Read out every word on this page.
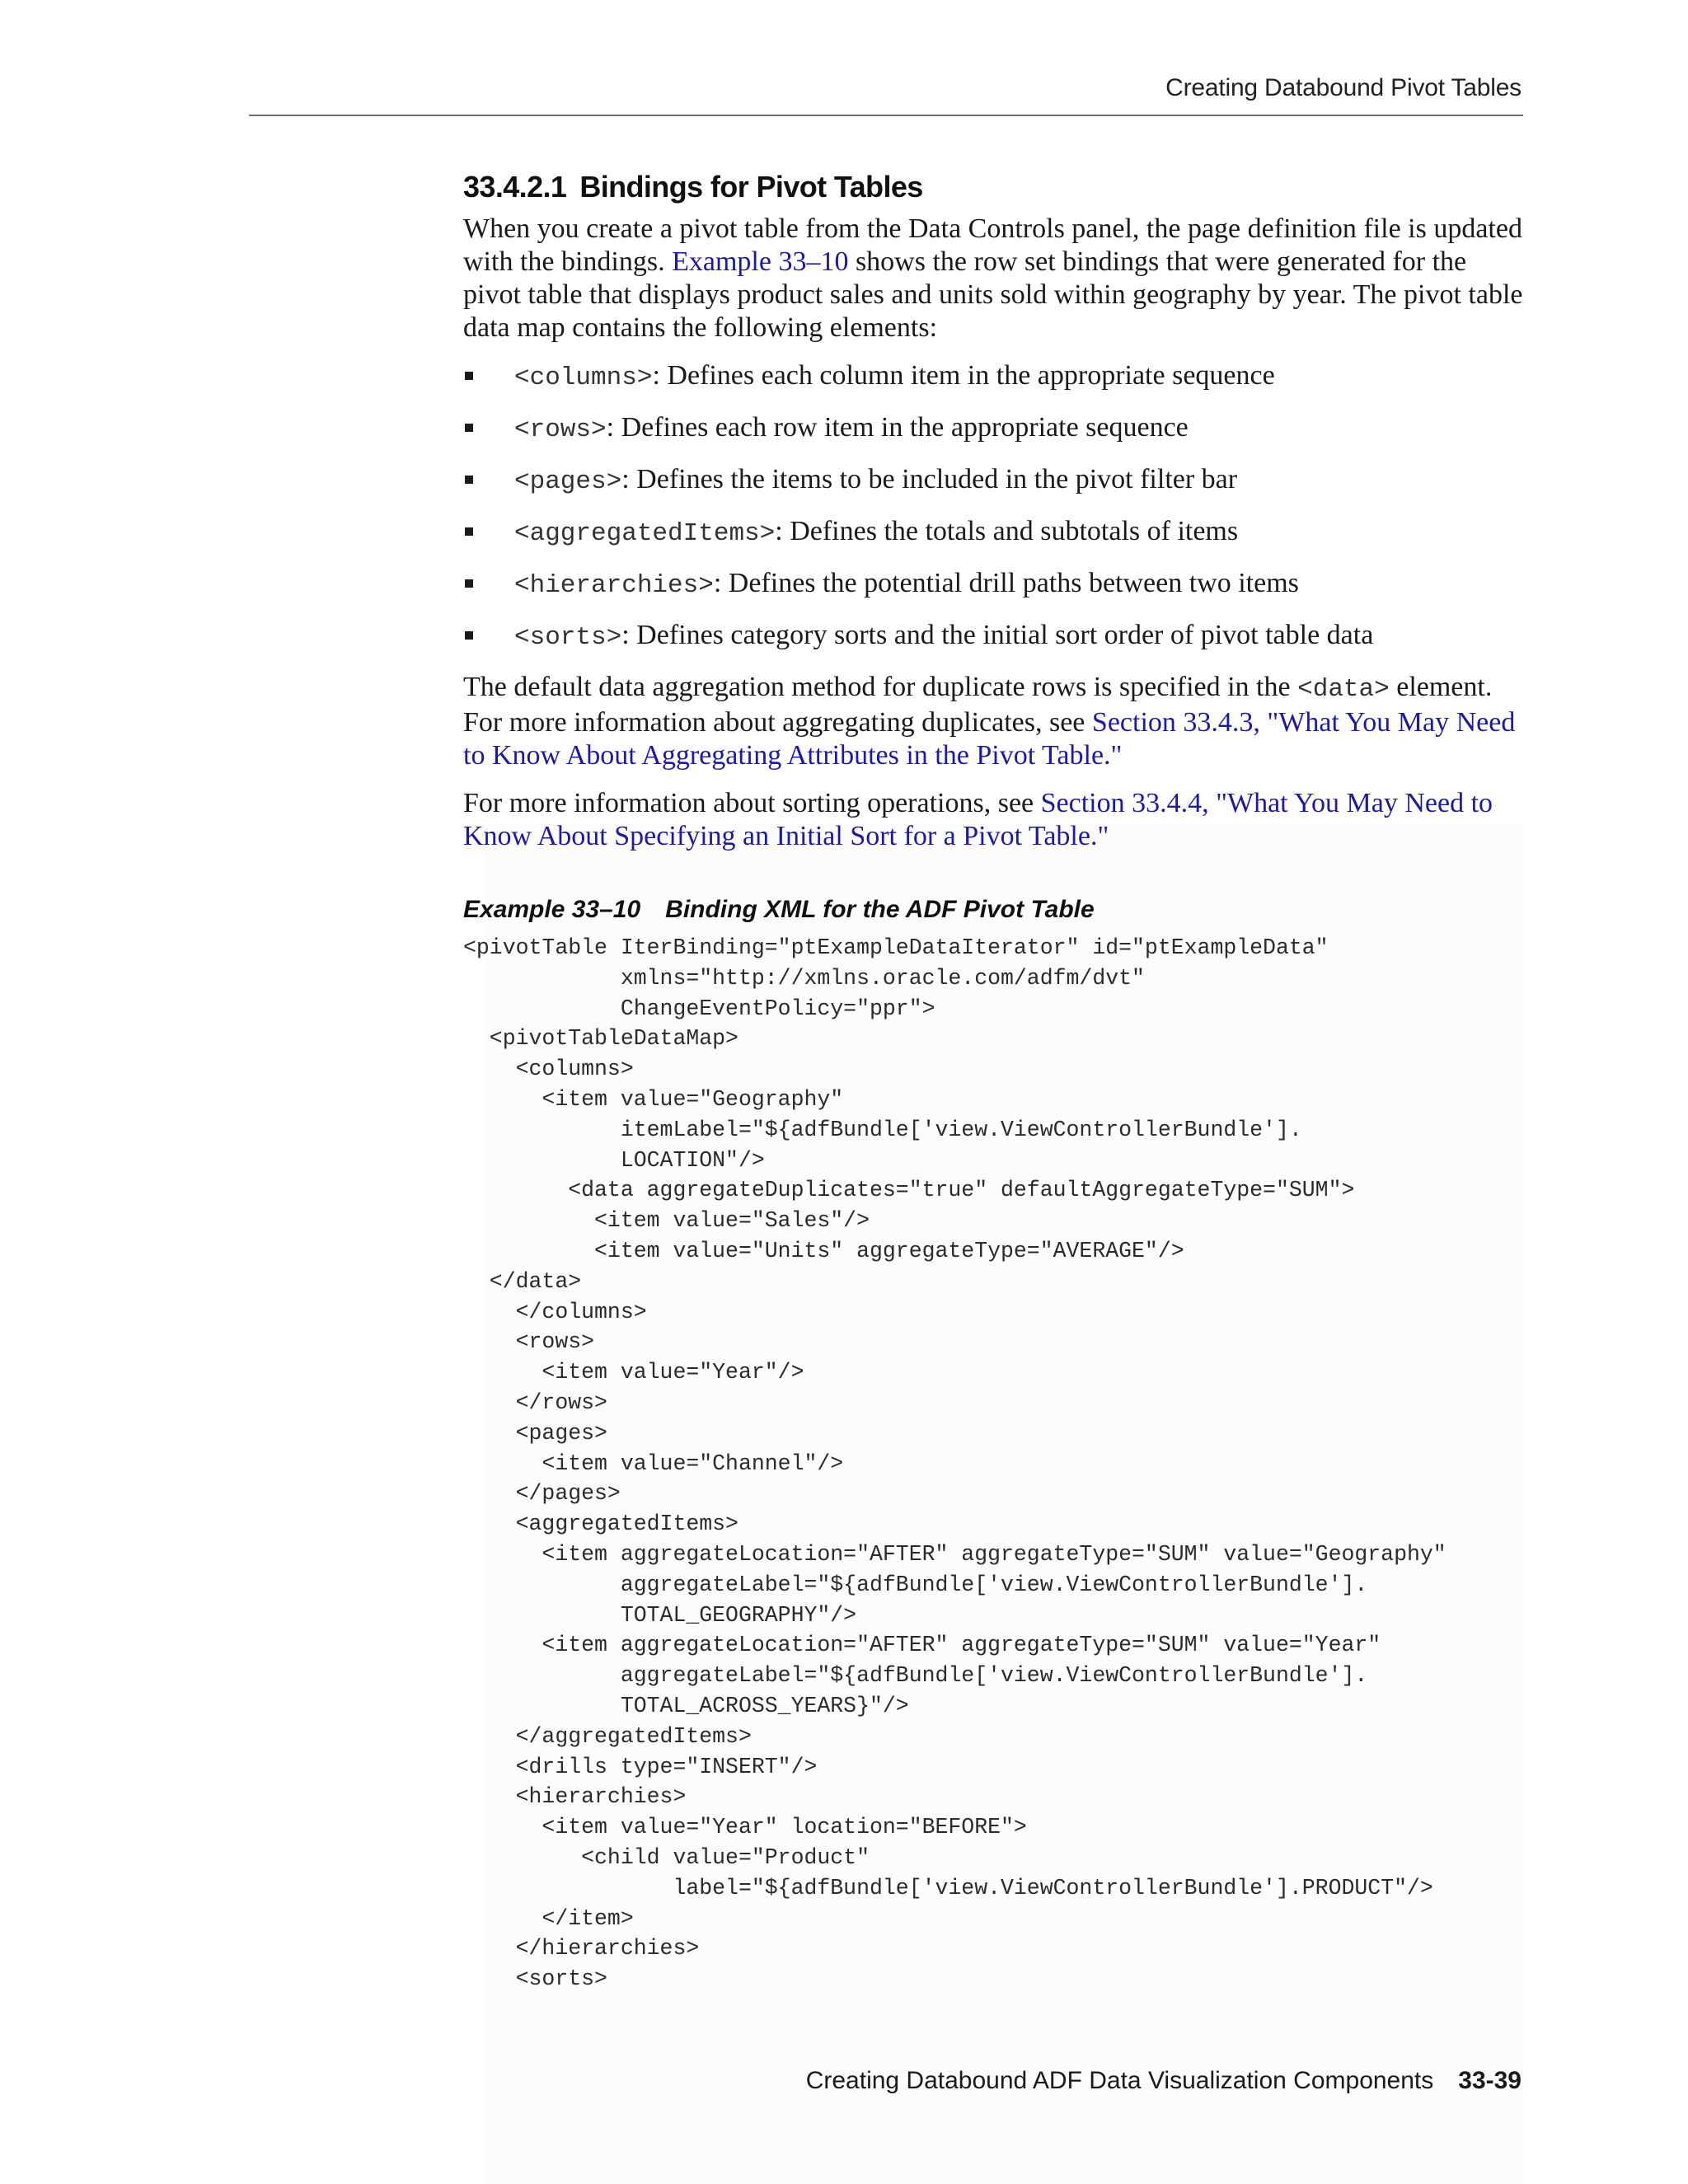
Creating Databound Pivot Tables
33.4.2.1 Bindings for Pivot Tables

When you create a pivot table from the Data Controls panel, the page definition file is updated with the bindings. Example 33–10 shows the row set bindings that were generated for the pivot table that displays product sales and units sold within geography by year. The pivot table data map contains the following elements:

<columns>: Defines each column item in the appropriate sequence
<rows>: Defines each row item in the appropriate sequence
<pages>: Defines the items to be included in the pivot filter bar
<aggregatedItems>: Defines the totals and subtotals of items
<hierarchies>: Defines the potential drill paths between two items
<sorts>: Defines category sorts and the initial sort order of pivot table data

The default data aggregation method for duplicate rows is specified in the <data> element. For more information about aggregating duplicates, see Section 33.4.3, "What You May Need to Know About Aggregating Attributes in the Pivot Table."

For more information about sorting operations, see Section 33.4.4, "What You May Need to Know About Specifying an Initial Sort for a Pivot Table."

Example 33–10 Binding XML for the ADF Pivot Table
<pivotTable IterBinding="ptExampleDataIterator" id="ptExampleData"
xmlns="http://xmlns.oracle.com/adfm/dvt"
ChangeEventPolicy="ppr">
<pivotTableDataMap>
<columns>
<item value="Geography"
itemLabel="${adfBundle['view.ViewControllerBundle'].
LOCATION"/>
<data aggregateDuplicates="true" defaultAggregateType="SUM">
<item value="Sales"/>
<item value="Units" aggregateType="AVERAGE"/>
</data>
</columns>
<rows>
<item value="Year"/>
</rows>
<pages>
<item value="Channel"/>
</pages>
<aggregatedItems>
<item aggregateLocation="AFTER" aggregateType="SUM" value="Geography"
aggregateLabel="${adfBundle['view.ViewControllerBundle'].
TOTAL_GEOGRAPHY"/>
<item aggregateLocation="AFTER" aggregateType="SUM" value="Year"
aggregateLabel="${adfBundle['view.ViewControllerBundle'].
TOTAL_ACROSS_YEARS}"/>
</aggregatedItems>
<drills type="INSERT"/>
<hierarchies>
<item value="Year" location="BEFORE">
<child value="Product"
label="${adfBundle['view.ViewControllerBundle'].PRODUCT"/>
</item>
</hierarchies>
<sorts>
Creating Databound ADF Data Visualization Components 33-39
